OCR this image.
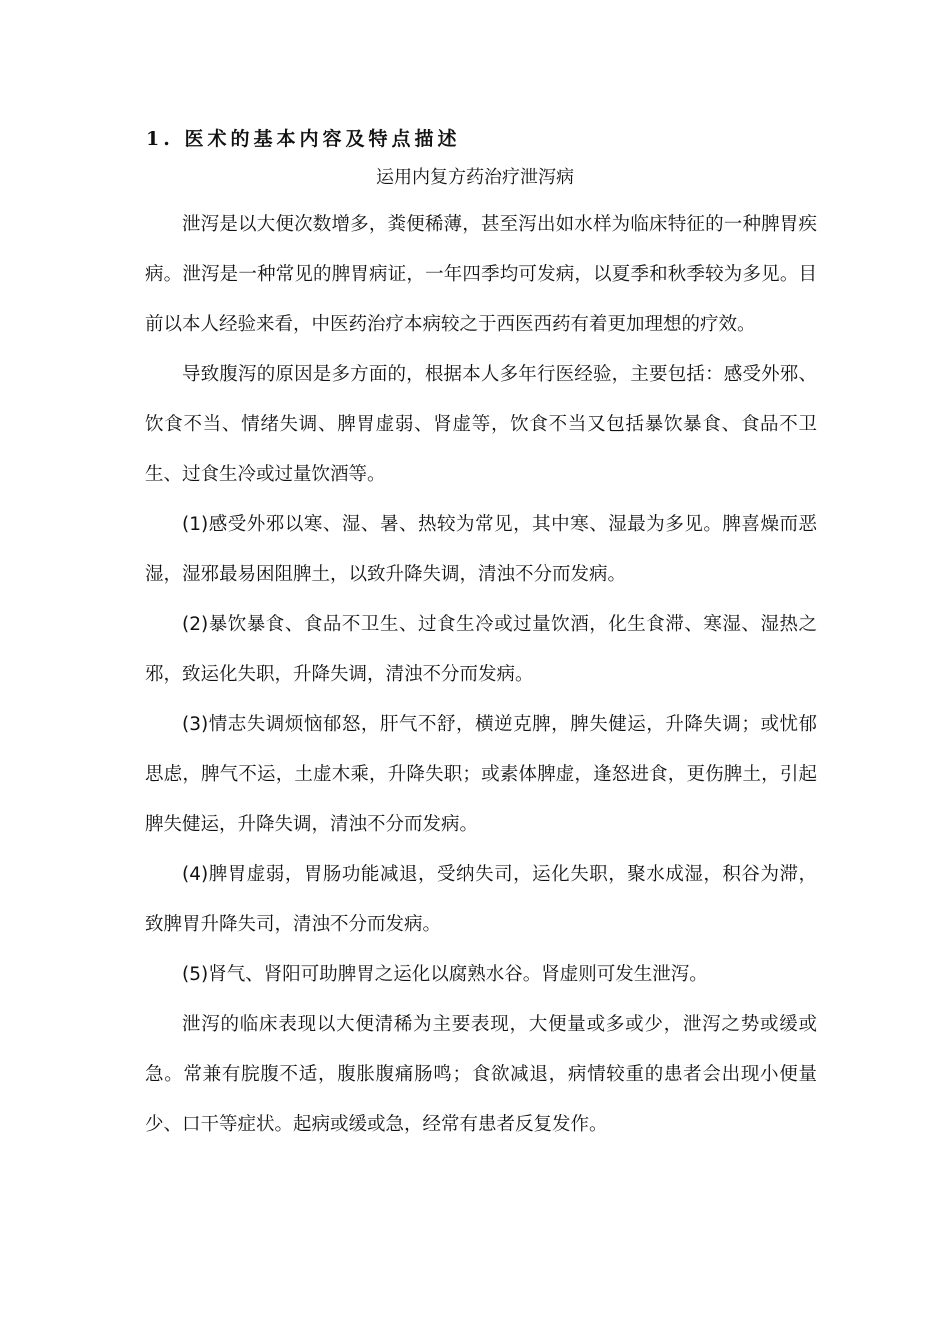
1. 医术的基本内容及特点描述
运用内复方药治疗泄泻病

泄泻是以大便次数增多，粪便稀薄，甚至泻出如水样为临床特征的一种脾胃疾病。泄泻是一种常见的脾胃病证，一年四季均可发病，以夏季和秋季较为多见。目前以本人经验来看，中医药治疗本病较之于西医西药有着更加理想的疗效。

导致腹泻的原因是多方面的，根据本人多年行医经验，主要包括：感受外邪、饮食不当、情绪失调、脾胃虚弱、肾虚等，饮食不当又包括暴饮暴食、食品不卫生、过食生冷或过量饮酒等。

(1)感受外邪以寒、湿、暑、热较为常见，其中寒、湿最为多见。脾喜燥而恶湿，湿邪最易困阻脾土，以致升降失调，清浊不分而发病。

(2)暴饮暴食、食品不卫生、过食生冷或过量饮酒，化生食滞、寒湿、湿热之邪，致运化失职，升降失调，清浊不分而发病。

(3)情志失调烦恼郁怒，肝气不舒，横逆克脾，脾失健运，升降失调；或忧郁思虑，脾气不运，土虚木乘，升降失职；或素体脾虚，逢怒进食，更伤脾土，引起脾失健运，升降失调，清浊不分而发病。

(4)脾胃虚弱，胃肠功能减退，受纳失司，运化失职，聚水成湿，积谷为滞，致脾胃升降失司，清浊不分而发病。

(5)肾气、肾阳可助脾胃之运化以腐熟水谷。肾虚则可发生泄泻。

泄泻的临床表现以大便清稀为主要表现，大便量或多或少，泄泻之势或缓或急。常兼有脘腹不适，腹胀腹痛肠鸣；食欲减退，病情较重的患者会出现小便量少、口干等症状。起病或缓或急，经常有患者反复发作。
